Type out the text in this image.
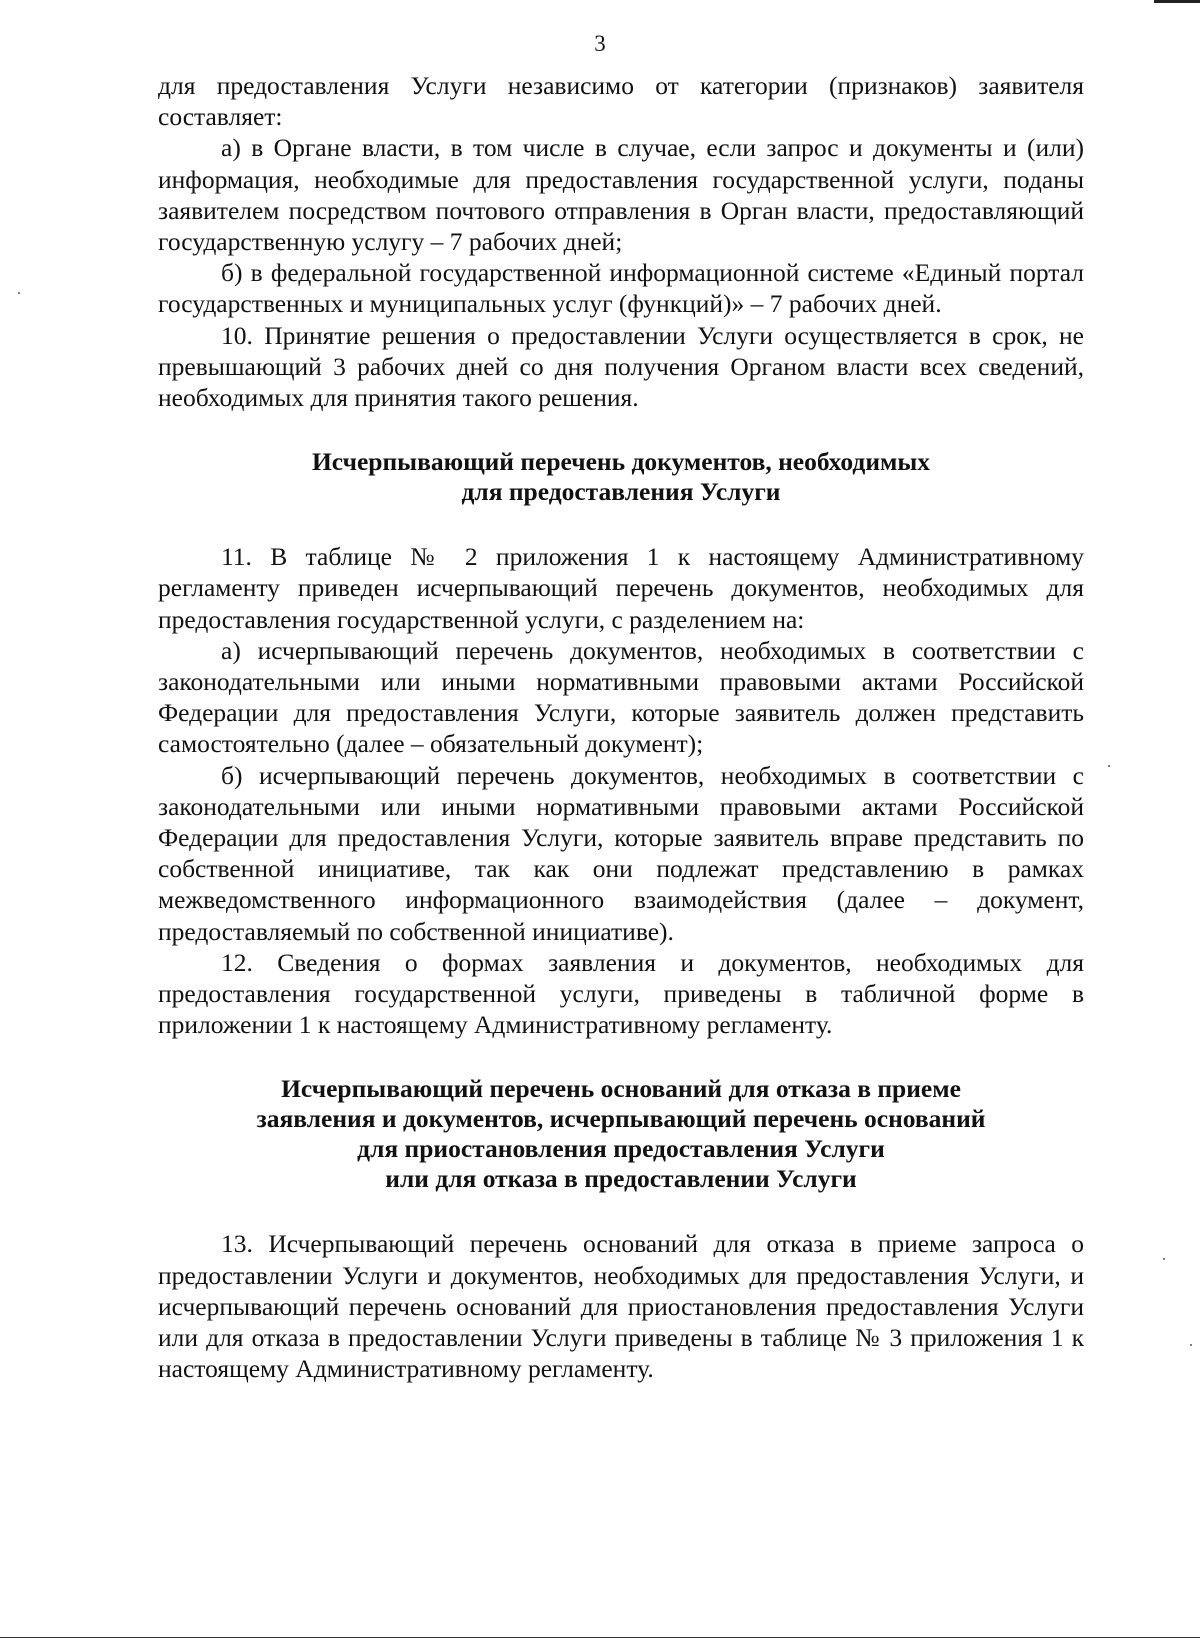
3

для предоставления Услуги независимо от категории (признаков) заявителя составляет:

а) в Органе власти, в том числе в случае, если запрос и документы и (или) информация, необходимые для предоставления государственной услуги, поданы заявителем посредством почтового отправления в Орган власти, предоставляющий государственную услугу – 7 рабочих дней;

б) в федеральной государственной информационной системе «Единый портал государственных и муниципальных услуг (функций)» – 7 рабочих дней.

10. Принятие решения о предоставлении Услуги осуществляется в срок, не превышающий 3 рабочих дней со дня получения Органом власти всех сведений, необходимых для принятия такого решения.

Исчерпывающий перечень документов, необходимых
для предоставления Услуги

11. В таблице № 2 приложения 1 к настоящему Административному регламенту приведен исчерпывающий перечень документов, необходимых для предоставления государственной услуги, с разделением на:

а) исчерпывающий перечень документов, необходимых в соответствии с законодательными или иными нормативными правовыми актами Российской Федерации для предоставления Услуги, которые заявитель должен представить самостоятельно (далее – обязательный документ);

б) исчерпывающий перечень документов, необходимых в соответствии с законодательными или иными нормативными правовыми актами Российской Федерации для предоставления Услуги, которые заявитель вправе представить по собственной инициативе, так как они подлежат представлению в рамках межведомственного информационного взаимодействия (далее – документ, предоставляемый по собственной инициативе).

12. Сведения о формах заявления и документов, необходимых для предоставления государственной услуги, приведены в табличной форме в приложении 1 к настоящему Административному регламенту.

Исчерпывающий перечень оснований для отказа в приеме
заявления и документов, исчерпывающий перечень оснований
для приостановления предоставления Услуги
или для отказа в предоставлении Услуги

13. Исчерпывающий перечень оснований для отказа в приеме запроса о предоставлении Услуги и документов, необходимых для предоставления Услуги, и исчерпывающий перечень оснований для приостановления предоставления Услуги или для отказа в предоставлении Услуги приведены в таблице № 3 приложения 1 к настоящему Административному регламенту.
